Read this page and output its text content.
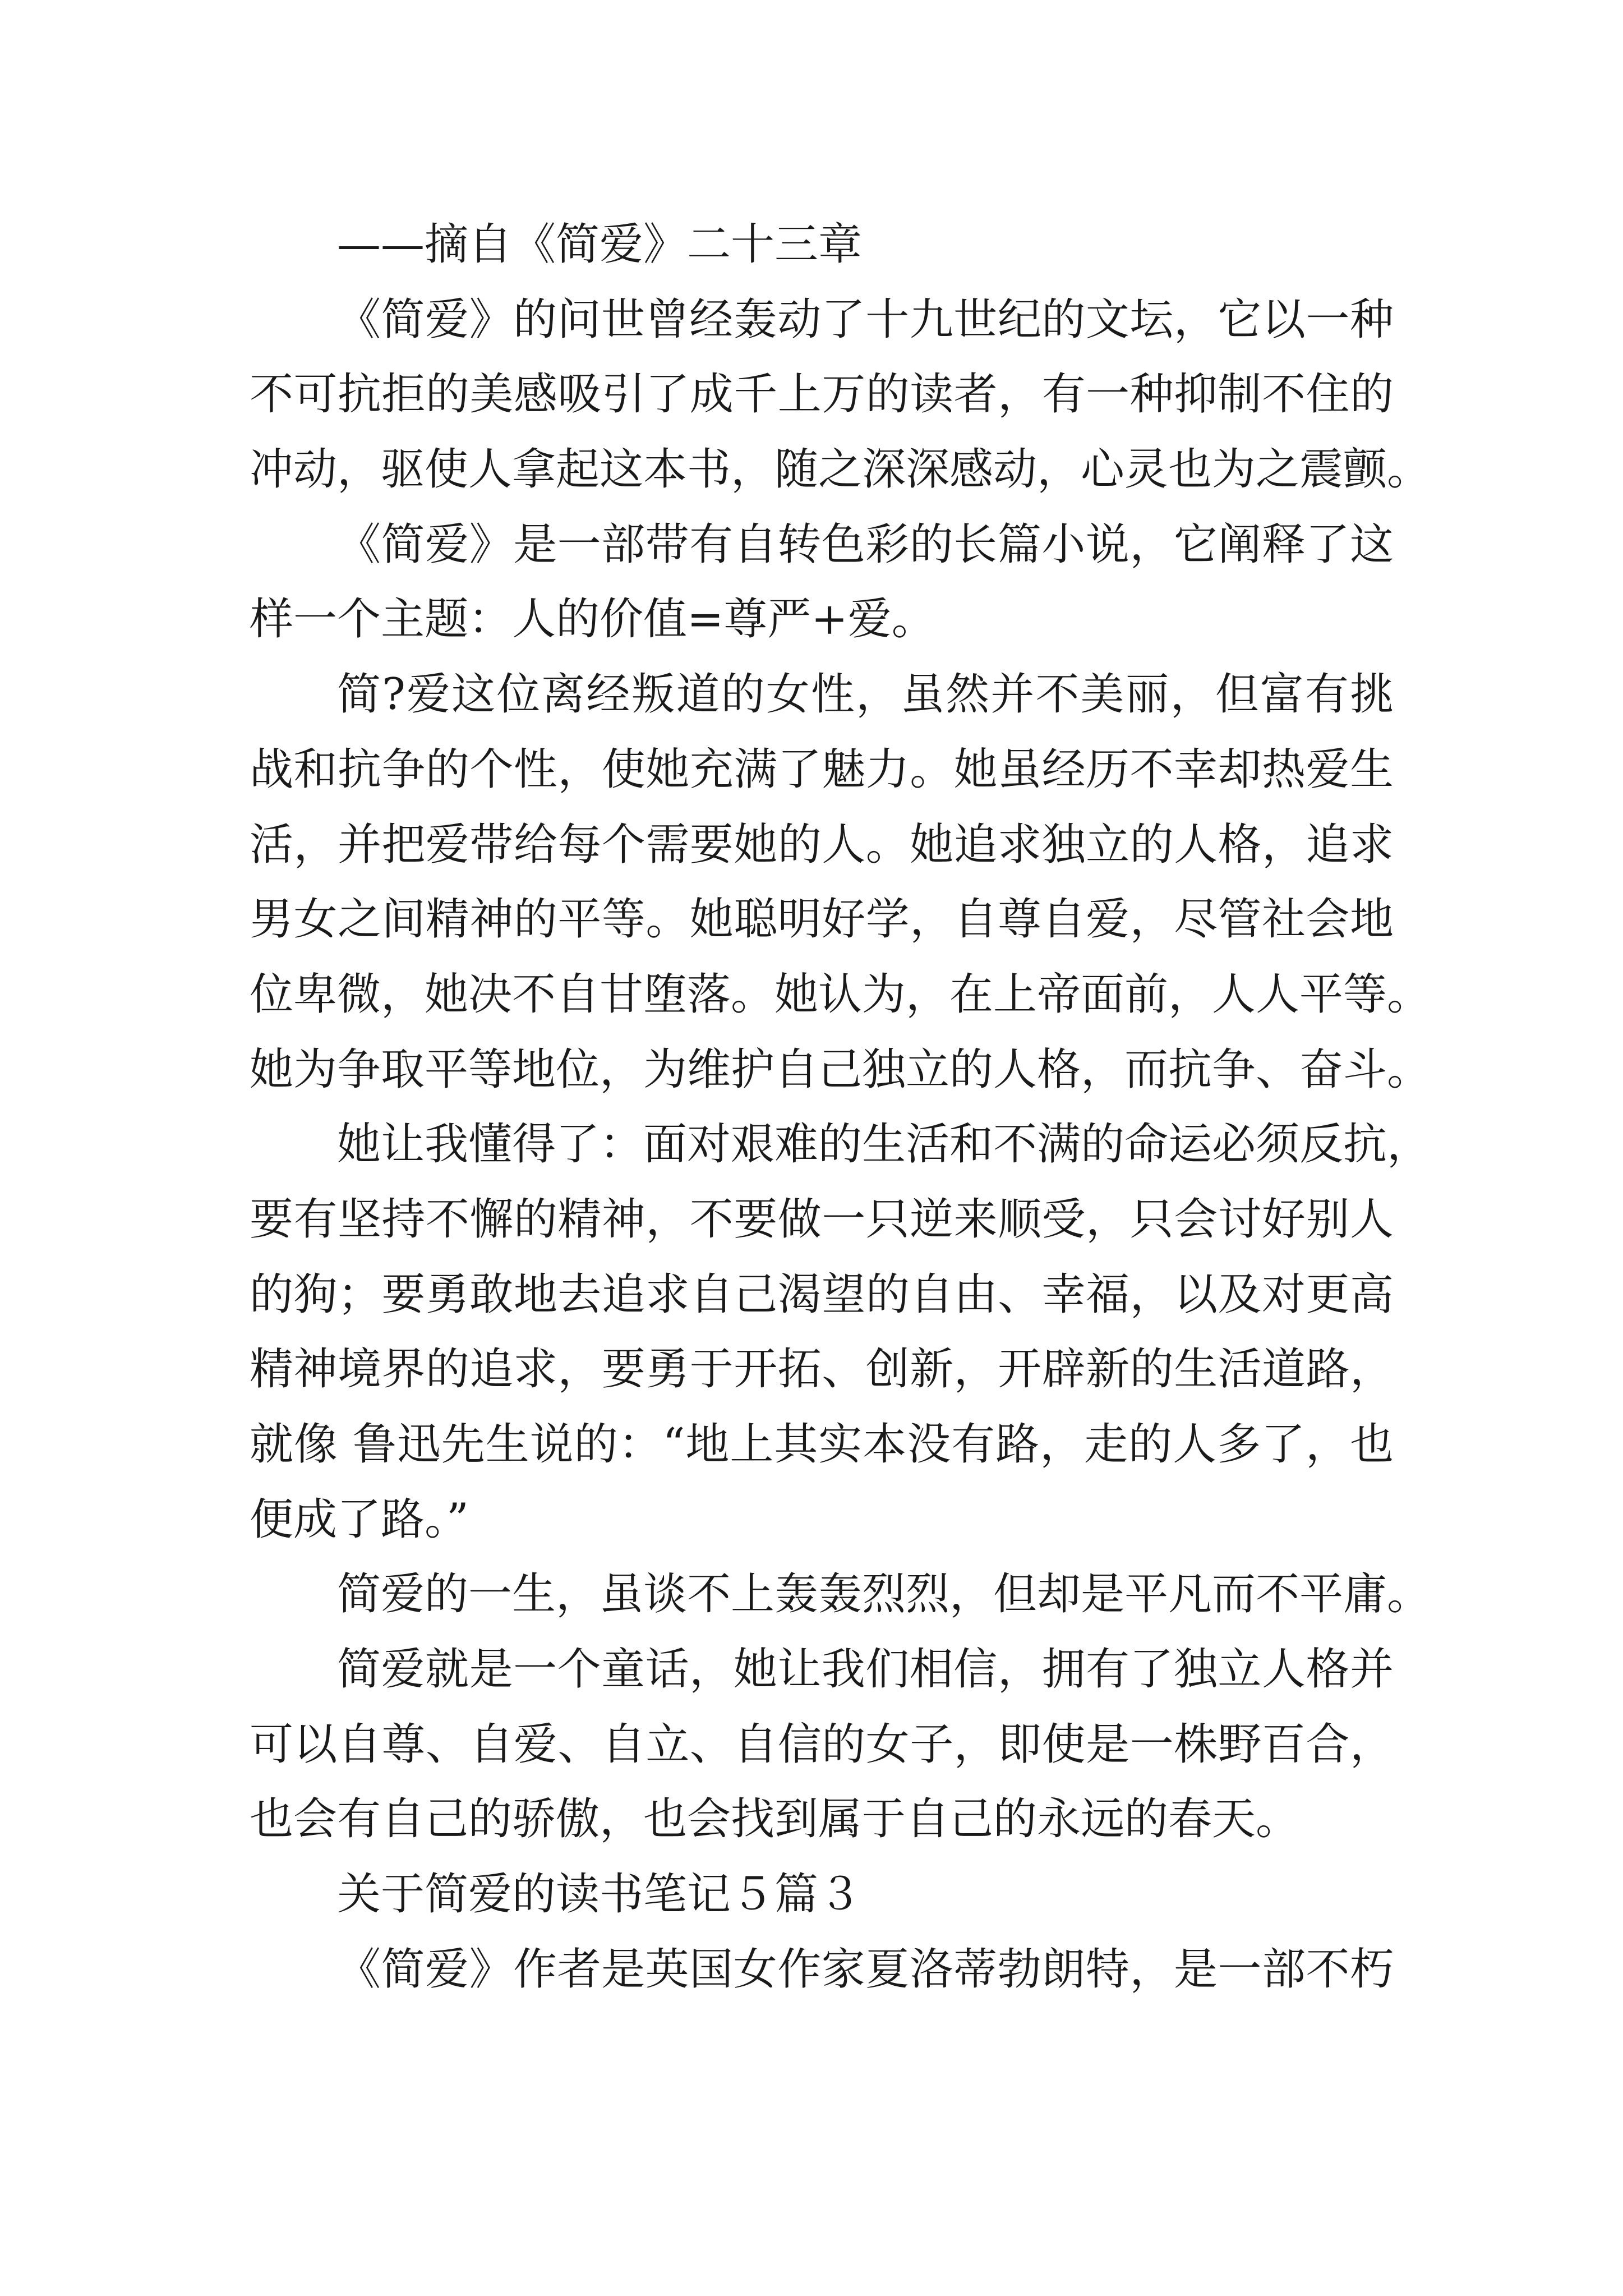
——摘自《简爱》二十三章
《简爱》的问世曾经轰动了十九世纪的文坛，它以一种
不可抗拒的美感吸引了成千上万的读者，有一种抑制不住的
冲动，驱使人拿起这本书，随之深深感动，心灵也为之震颤。
《简爱》是一部带有自转色彩的长篇小说，它阐释了这
样一个主题：人的价值=尊严+爱。
简?爱这位离经叛道的女性，虽然并不美丽，但富有挑
战和抗争的个性，使她充满了魅力。她虽经历不幸却热爱生
活，并把爱带给每个需要她的人。她追求独立的人格，追求
男女之间精神的平等。她聪明好学，自尊自爱，尽管社会地
位卑微，她决不自甘堕落。她认为，在上帝面前，人人平等。
她为争取平等地位，为维护自己独立的人格，而抗争、奋斗。
她让我懂得了：面对艰难的生活和不满的命运必须反抗，
要有坚持不懈的精神，不要做一只逆来顺受，只会讨好别人
的狗；要勇敢地去追求自己渴望的自由、幸福，以及对更高
精神境界的追求，要勇于开拓、创新，开辟新的生活道路，
就像 鲁迅先生说的：“地上其实本没有路，走的人多了，也
便成了路。”
简爱的一生，虽谈不上轰轰烈烈，但却是平凡而不平庸。
简爱就是一个童话，她让我们相信，拥有了独立人格并
可以自尊、自爱、自立、自信的女子，即使是一株野百合，
也会有自己的骄傲，也会找到属于自己的永远的春天。
关于简爱的读书笔记５篇３
《简爱》作者是英国女作家夏洛蒂勃朗特，是一部不朽
